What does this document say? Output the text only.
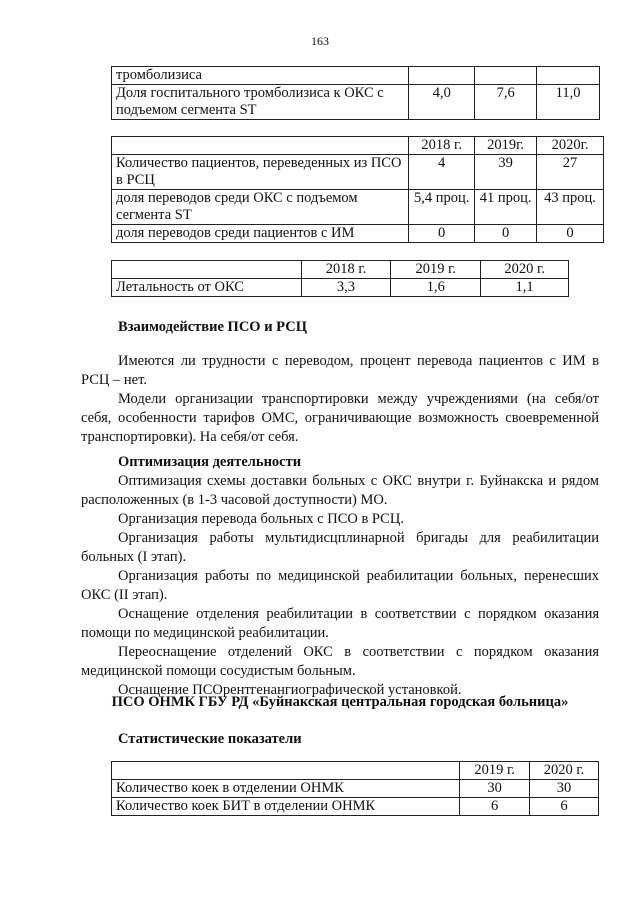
163
тромболизиса			
Доля госпитального тромболизиса к ОКС с подъемом сегмента ST	4,0	7,6	11,0
	2018 г.	2019г.	2020г.
Количество пациентов, переведенных из ПСО в РСЦ	4	39	27
доля переводов среди ОКС с подъемом сегмента ST	5,4 проц.	41 проц.	43 проц.
доля переводов среди пациентов с ИМ	0	0	0
	2018 г.	2019 г.	2020 г.
Летальность от ОКС	3,3	1,6	1,1

Взаимодействие ПСО и РСЦ

Имеются ли трудности с переводом, процент перевода пациентов с ИМ в РСЦ – нет.

Модели организации транспортировки между учреждениями (на себя/от себя, особенности тарифов ОМС, ограничивающие возможность своевременной транспортировки). На себя/от себя.

Оптимизация деятельности

Оптимизация схемы доставки больных с ОКС внутри г. Буйнакска и рядом расположенных (в 1-3 часовой доступности) МО.

Организация перевода больных с ПСО в РСЦ.

Организация работы мультидисцплинарной бригады для реабилитации больных (I этап).

Организация работы по медицинской реабилитации больных, перенесших ОКС (II этап).

Оснащение отделения реабилитации в соответствии с порядком оказания помощи по медицинской реабилитации.

Переоснащение отделений ОКС в соответствии с порядком оказания медицинской помощи сосудистым больным.

Оснащение ПСОрентгенангиографической установкой.

ПСО ОНМК ГБУ РД «Буйнакская центральная городская больница»

Статистические показатели

	2019 г.	2020 г.
Количество коек в отделении ОНМК	30	30
Количество коек БИТ в отделении ОНМК	6	6
